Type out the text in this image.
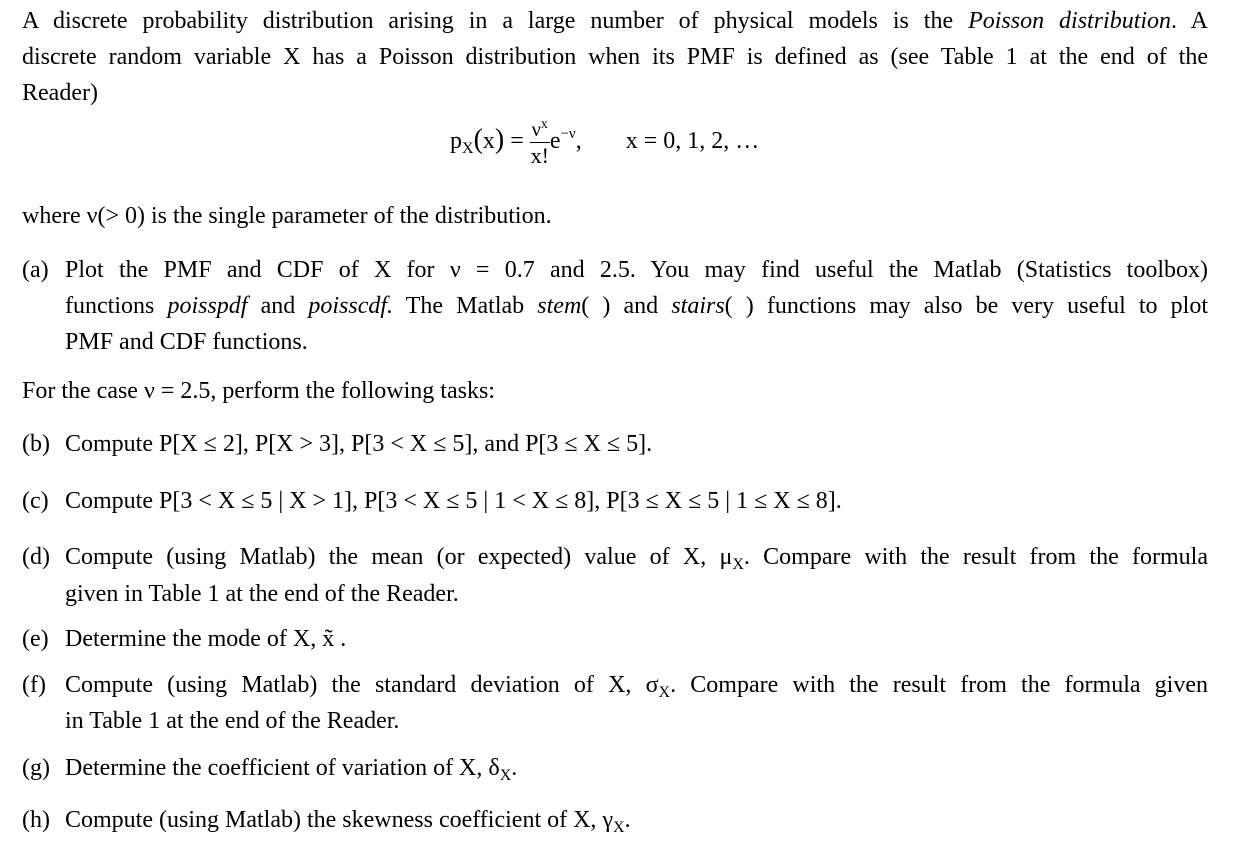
A discrete probability distribution arising in a large number of physical models is the Poisson distribution. A
discrete random variable X has a Poisson distribution when its PMF is defined as (see Table 1 at the end of the
Reader)
$p_X(x) = \frac{\nu^x}{x!} e^{-\nu}$, x = 0, 1, 2, …
where ν(> 0) is the single parameter of the distribution.
(a) Plot the PMF and CDF of X for ν = 0.7 and 2.5. You may find useful the Matlab (Statistics toolbox)
functions poisspdf and poisscdf. The Matlab stem( ) and stairs( ) functions may also be very useful to plot
PMF and CDF functions.
For the case ν = 2.5, perform the following tasks:
(b) Compute P[X ≤ 2], P[X > 3], P[3 < X ≤ 5], and P[3 ≤ X ≤ 5].
(c) Compute P[3 < X ≤ 5 | X > 1], P[3 < X ≤ 5 | 1 < X ≤ 8], P[3 ≤ X ≤ 5 | 1 ≤ X ≤ 8].
(d) Compute (using Matlab) the mean (or expected) value of X, $\mu_X$. Compare with the result from the formula
given in Table 1 at the end of the Reader.
(e) Determine the mode of X, x̃ .
(f) Compute (using Matlab) the standard deviation of X, $\sigma_X$. Compare with the result from the formula given
in Table 1 at the end of the Reader.
(g) Determine the coefficient of variation of X, $\delta_X$.
(h) Compute (using Matlab) the skewness coefficient of X, $\gamma_X$.
